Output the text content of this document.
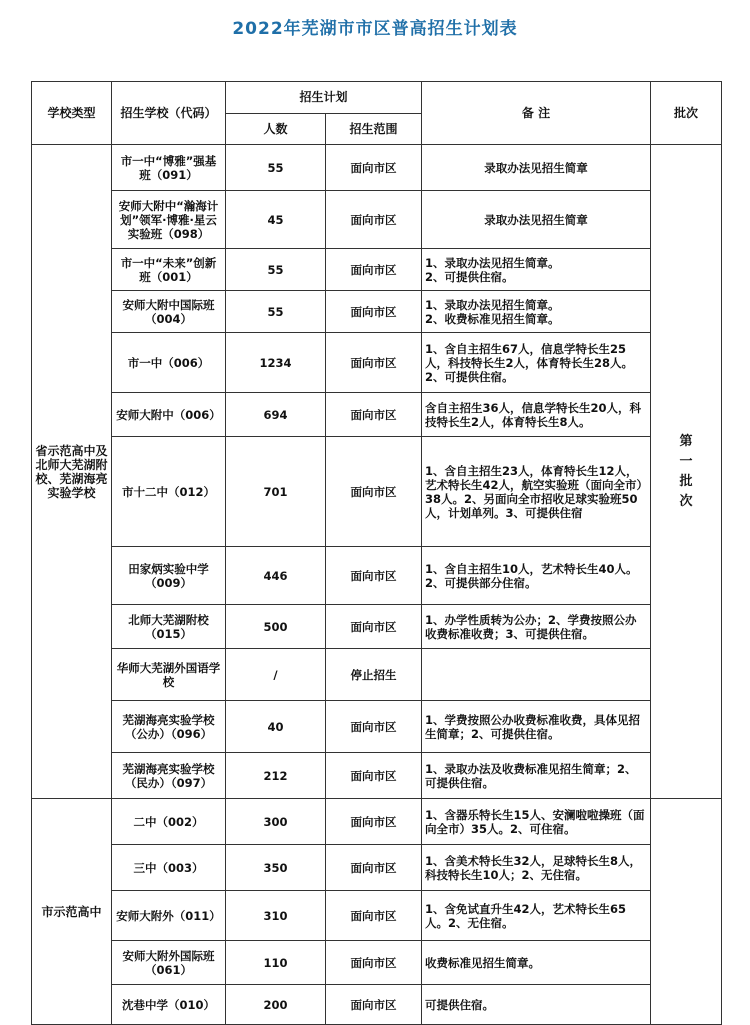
2022年芜湖市市区普高招生计划表
学校类型	招生学校（代码）	招生计划		备 注	批次
		人数	招生范围		
省示范高中及北师大芜湖附校、芜湖海亮实验学校	市一中“博雅”强基班（091）	55	面向市区	录取办法见招生简章	第一批次
	安师大附中“瀚海计划”领军·博雅·星云实验班（098）	45	面向市区	录取办法见招生简章	
	市一中“未来”创新班（001）	55	面向市区	1、录取办法见招生简章。
2、可提供住宿。	
	安师大附中国际班（004）	55	面向市区	1、录取办法见招生简章。
2、收费标准见招生简章。	
	市一中（006）	1234	面向市区	1、含自主招生67人，信息学特长生25人，科技特长生2人，体育特长生28人。2、可提供住宿。	
	安师大附中（006）	694	面向市区	含自主招生36人，信息学特长生20人，科技特长生2人，体育特长生8人。	
	市十二中（012）	701	面向市区	1、含自主招生23人，体育特长生12人，艺术特长生42人，航空实验班（面向全市）38人。2、另面向全市招收足球实验班50人，计划单列。3、可提供住宿	
	田家炳实验中学（009）	446	面向市区	1、含自主招生10人，艺术特长生40人。2、可提供部分住宿。	
	北师大芜湖附校（015）	500	面向市区	1、办学性质转为公办；2、学费按照公办收费标准收费；3、可提供住宿。	
	华师大芜湖外国语学校	/	停止招生		
	芜湖海亮实验学校（公办）（096）	40	面向市区	1、学费按照公办收费标准收费，具体见招生简章；2、可提供住宿。	
	芜湖海亮实验学校（民办）（097）	212	面向市区	1、录取办法及收费标准见招生简章；2、可提供住宿。	
市示范高中	二中（002）	300	面向市区	1、含器乐特长生15人、安澜啦啦操班（面向全市）35人。2、可住宿。	
	三中（003）	350	面向市区	1、含美术特长生32人，足球特长生8人，科技特长生10人；2、无住宿。	
	安师大附外（011）	310	面向市区	1、含免试直升生42人，艺术特长生65人。2、无住宿。	
	安师大附外国际班（061）	110	面向市区	收费标准见招生简章。	
	沈巷中学（010）	200	面向市区	可提供住宿。	
